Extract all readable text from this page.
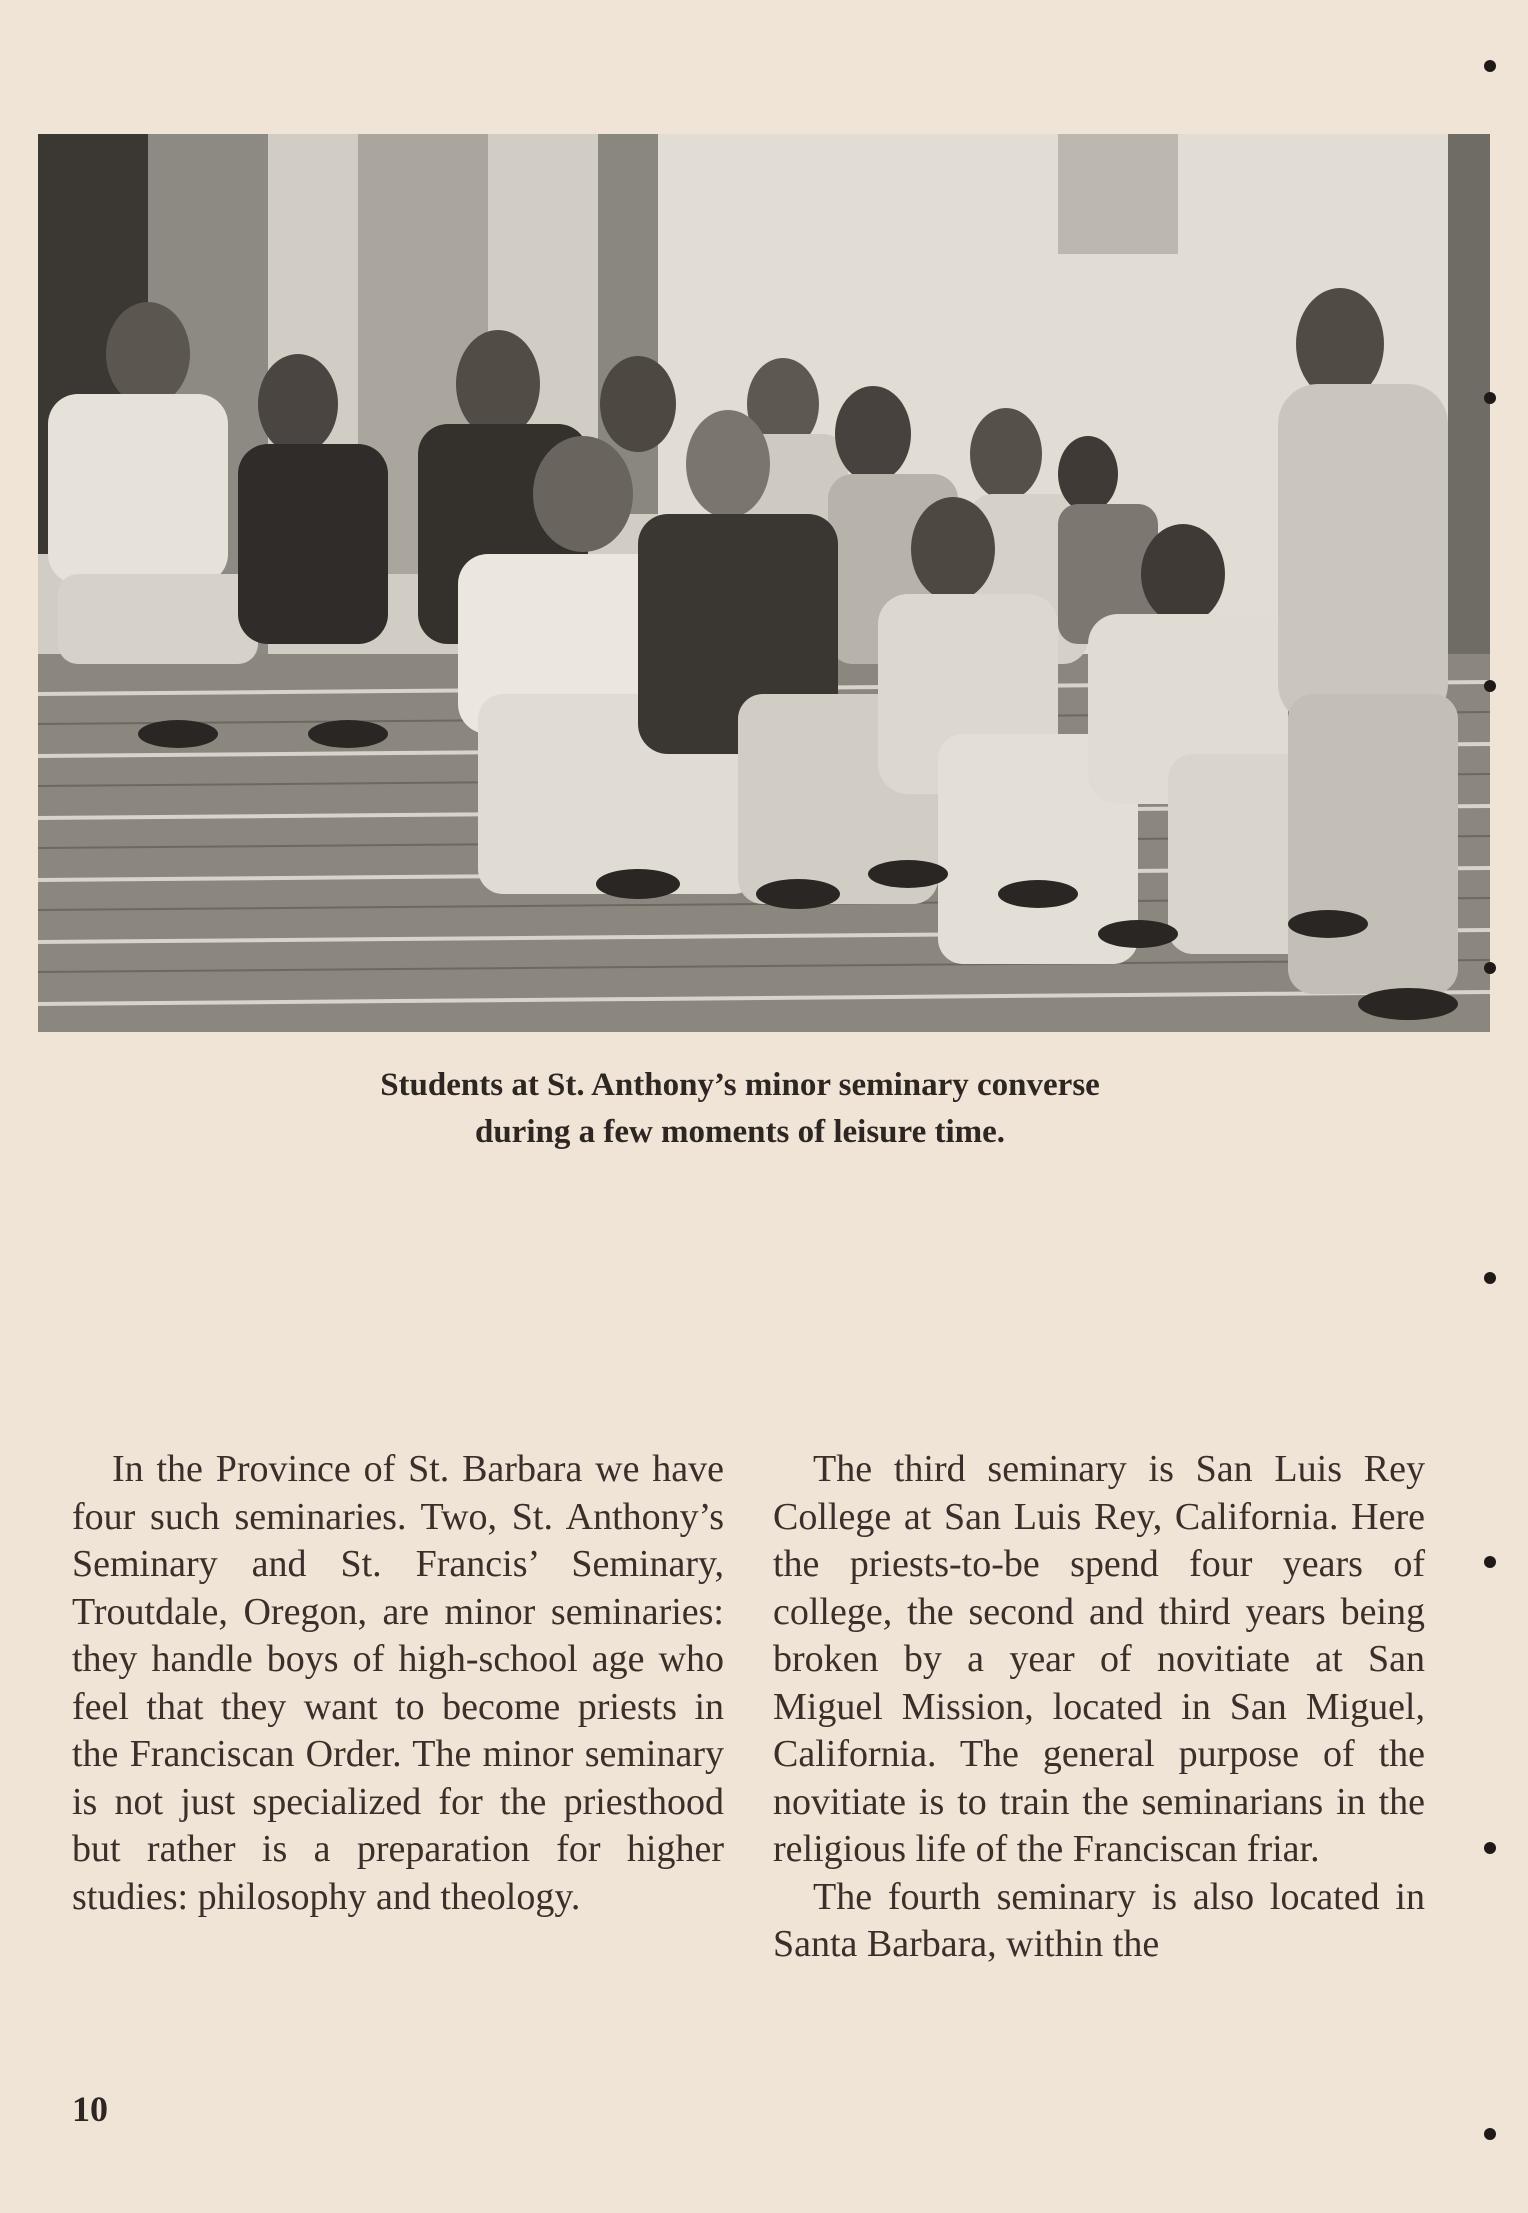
Students at St. Anthony’s minor seminary converse
during a few moments of leisure time.

In the Province of St. Barbara we have four such seminaries. Two, St. Anthony’s Seminary and St. Francis’ Seminary, Troutdale, Oregon, are minor seminaries: they handle boys of high-school age who feel that they want to become priests in the Franciscan Order. The minor seminary is not just specialized for the priesthood but rather is a preparation for higher studies: philosophy and theology.

The third seminary is San Luis Rey College at San Luis Rey, California. Here the priests-to-be spend four years of college, the second and third years being broken by a year of novitiate at San Miguel Mission, located in San Miguel, California. The general purpose of the novitiate is to train the seminarians in the religious life of the Franciscan friar.

The fourth seminary is also located in Santa Barbara, within the

10
